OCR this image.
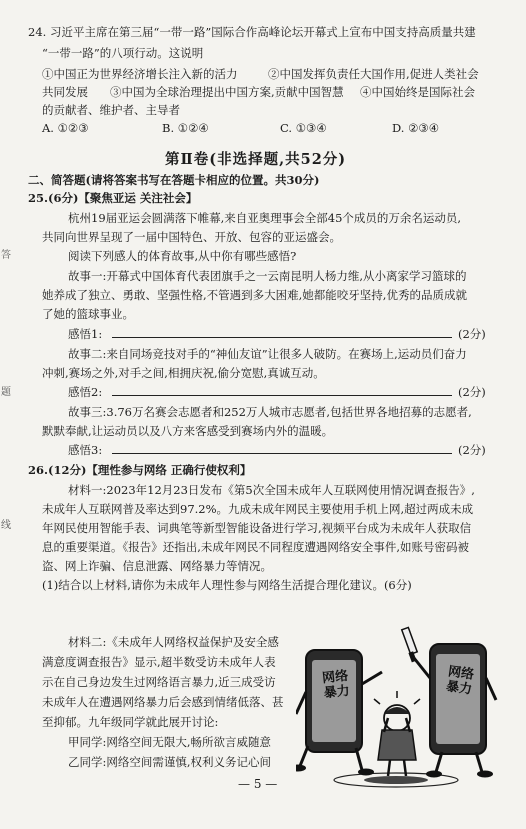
24. 习近平主席在第三届“一带一路”国际合作高峰论坛开幕式上宣布中国支持高质量共建
“一带一路”的八项行动。这说明
①中国正为世界经济增长注入新的活力	②中国发挥负责任大国作用,促进人类社会
共同发展 ③中国为全球治理提出中国方案,贡献中国智慧 ④中国始终是国际社会
的贡献者、维护者、主导者
A. ①②③	B. ①②④	C. ①③④	D. ②③④
第Ⅱ卷(非选择题,共52分)
二、简答题(请将答案书写在答题卡相应的位置。共30分)
25.(6分)【聚焦亚运 关注社会】
杭州19届亚运会圆满落下帷幕,来自亚奥理事会全部45个成员的万余名运动员,
共同向世界呈现了一届中国特色、开放、包容的亚运盛会。
阅读下列感人的体育故事,从中你有哪些感悟?
故事一:开幕式中国体育代表团旗手之一云南昆明人杨力维,从小离家学习篮球的
她养成了独立、勇敢、坚强性格,不管遇到多大困难,她都能咬牙坚持,优秀的品质成就
了她的篮球事业。
感悟1:	(2分)
故事二:来自同场竞技对手的“神仙友谊”让很多人破防。在赛场上,运动员们奋力
冲刺,赛场之外,对手之间,相拥庆祝,偷分宽慰,真诚互动。
感悟2:	(2分)
故事三:3.76万名赛会志愿者和252万人城市志愿者,包括世界各地招募的志愿者,
默默奉献,让运动员以及八方来客感受到赛场内外的温暖。
感悟3:	(2分)
26.(12分)【理性参与网络 正确行使权利】
材料一:2023年12月23日发布《第5次全国未成年人互联网使用情况调查报告》,
未成年人互联网普及率达到97.2%。九成未成年网民主要使用手机上网,超过两成未成
年网民使用智能手表、词典笔等新型智能设备进行学习,视频平台成为未成年人获取信
息的重要渠道。《报告》还指出,未成年网民不同程度遭遇网络安全事件,如账号密码被
盗、网上诈骗、信息泄露、网络暴力等情况。
(1)结合以上材料,请你为未成年人理性参与网络生活提合理化建议。(6分)
材料二:《未成年人网络权益保护及安全感
满意度调查报告》显示,超半数受访未成年人表
示在自己身边发生过网络语言暴力,近三成受访
未成年人在遭遇网络暴力后会感到情绪低落、甚
至抑郁。九年级同学就此展开讨论:
甲同学:网络空间无限大,畅所欲言威随意
乙同学:网络空间需谨慎,权利义务记心间
网络暴力
网络暴力
— 5 —
答
题
线
